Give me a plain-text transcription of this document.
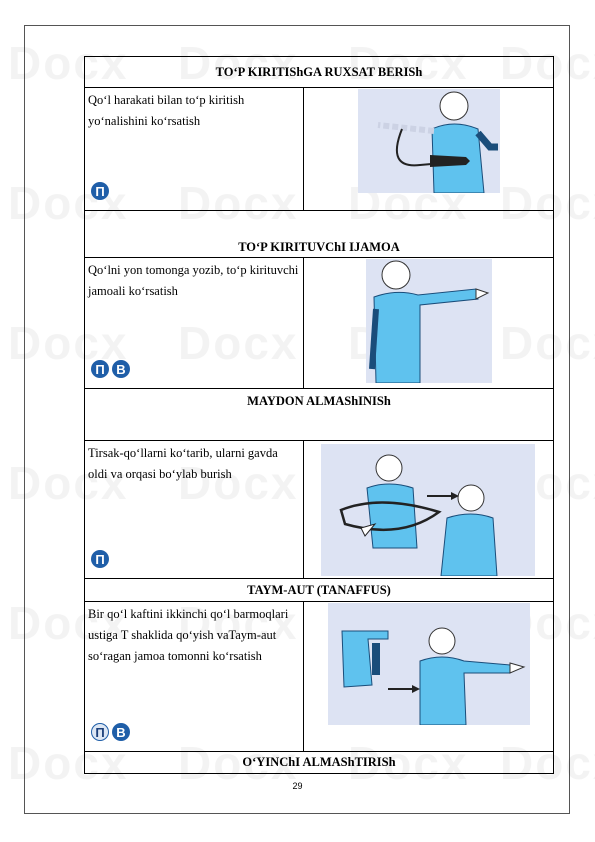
TO‘P KIRITIShGA RUXSAT BERISh	

Qo‘l harakati bilan to‘p kiritish yo‘nalishini ko‘rsatish
П

TO‘P KIRITUVChI IJAMOA	

Qo‘lni yon tomonga yozib, to‘p kirituvchi jamoali ko‘rsatish
П B

MAYDON ALMAShINISh	

Tirsak-qo‘llarni ko‘tarib, ularni gavda oldi va orqasi bo‘ylab burish
П

TAYM-AUT (TANAFFUS)	

Bir qo‘l kaftini ikkinchi qo‘l barmoqlari ustiga T shaklida qo‘yish vaTaym-aut so‘ragan jamoa tomonni ko‘rsatish
П B

O‘YINChI ALMAShTIRISh	
29
